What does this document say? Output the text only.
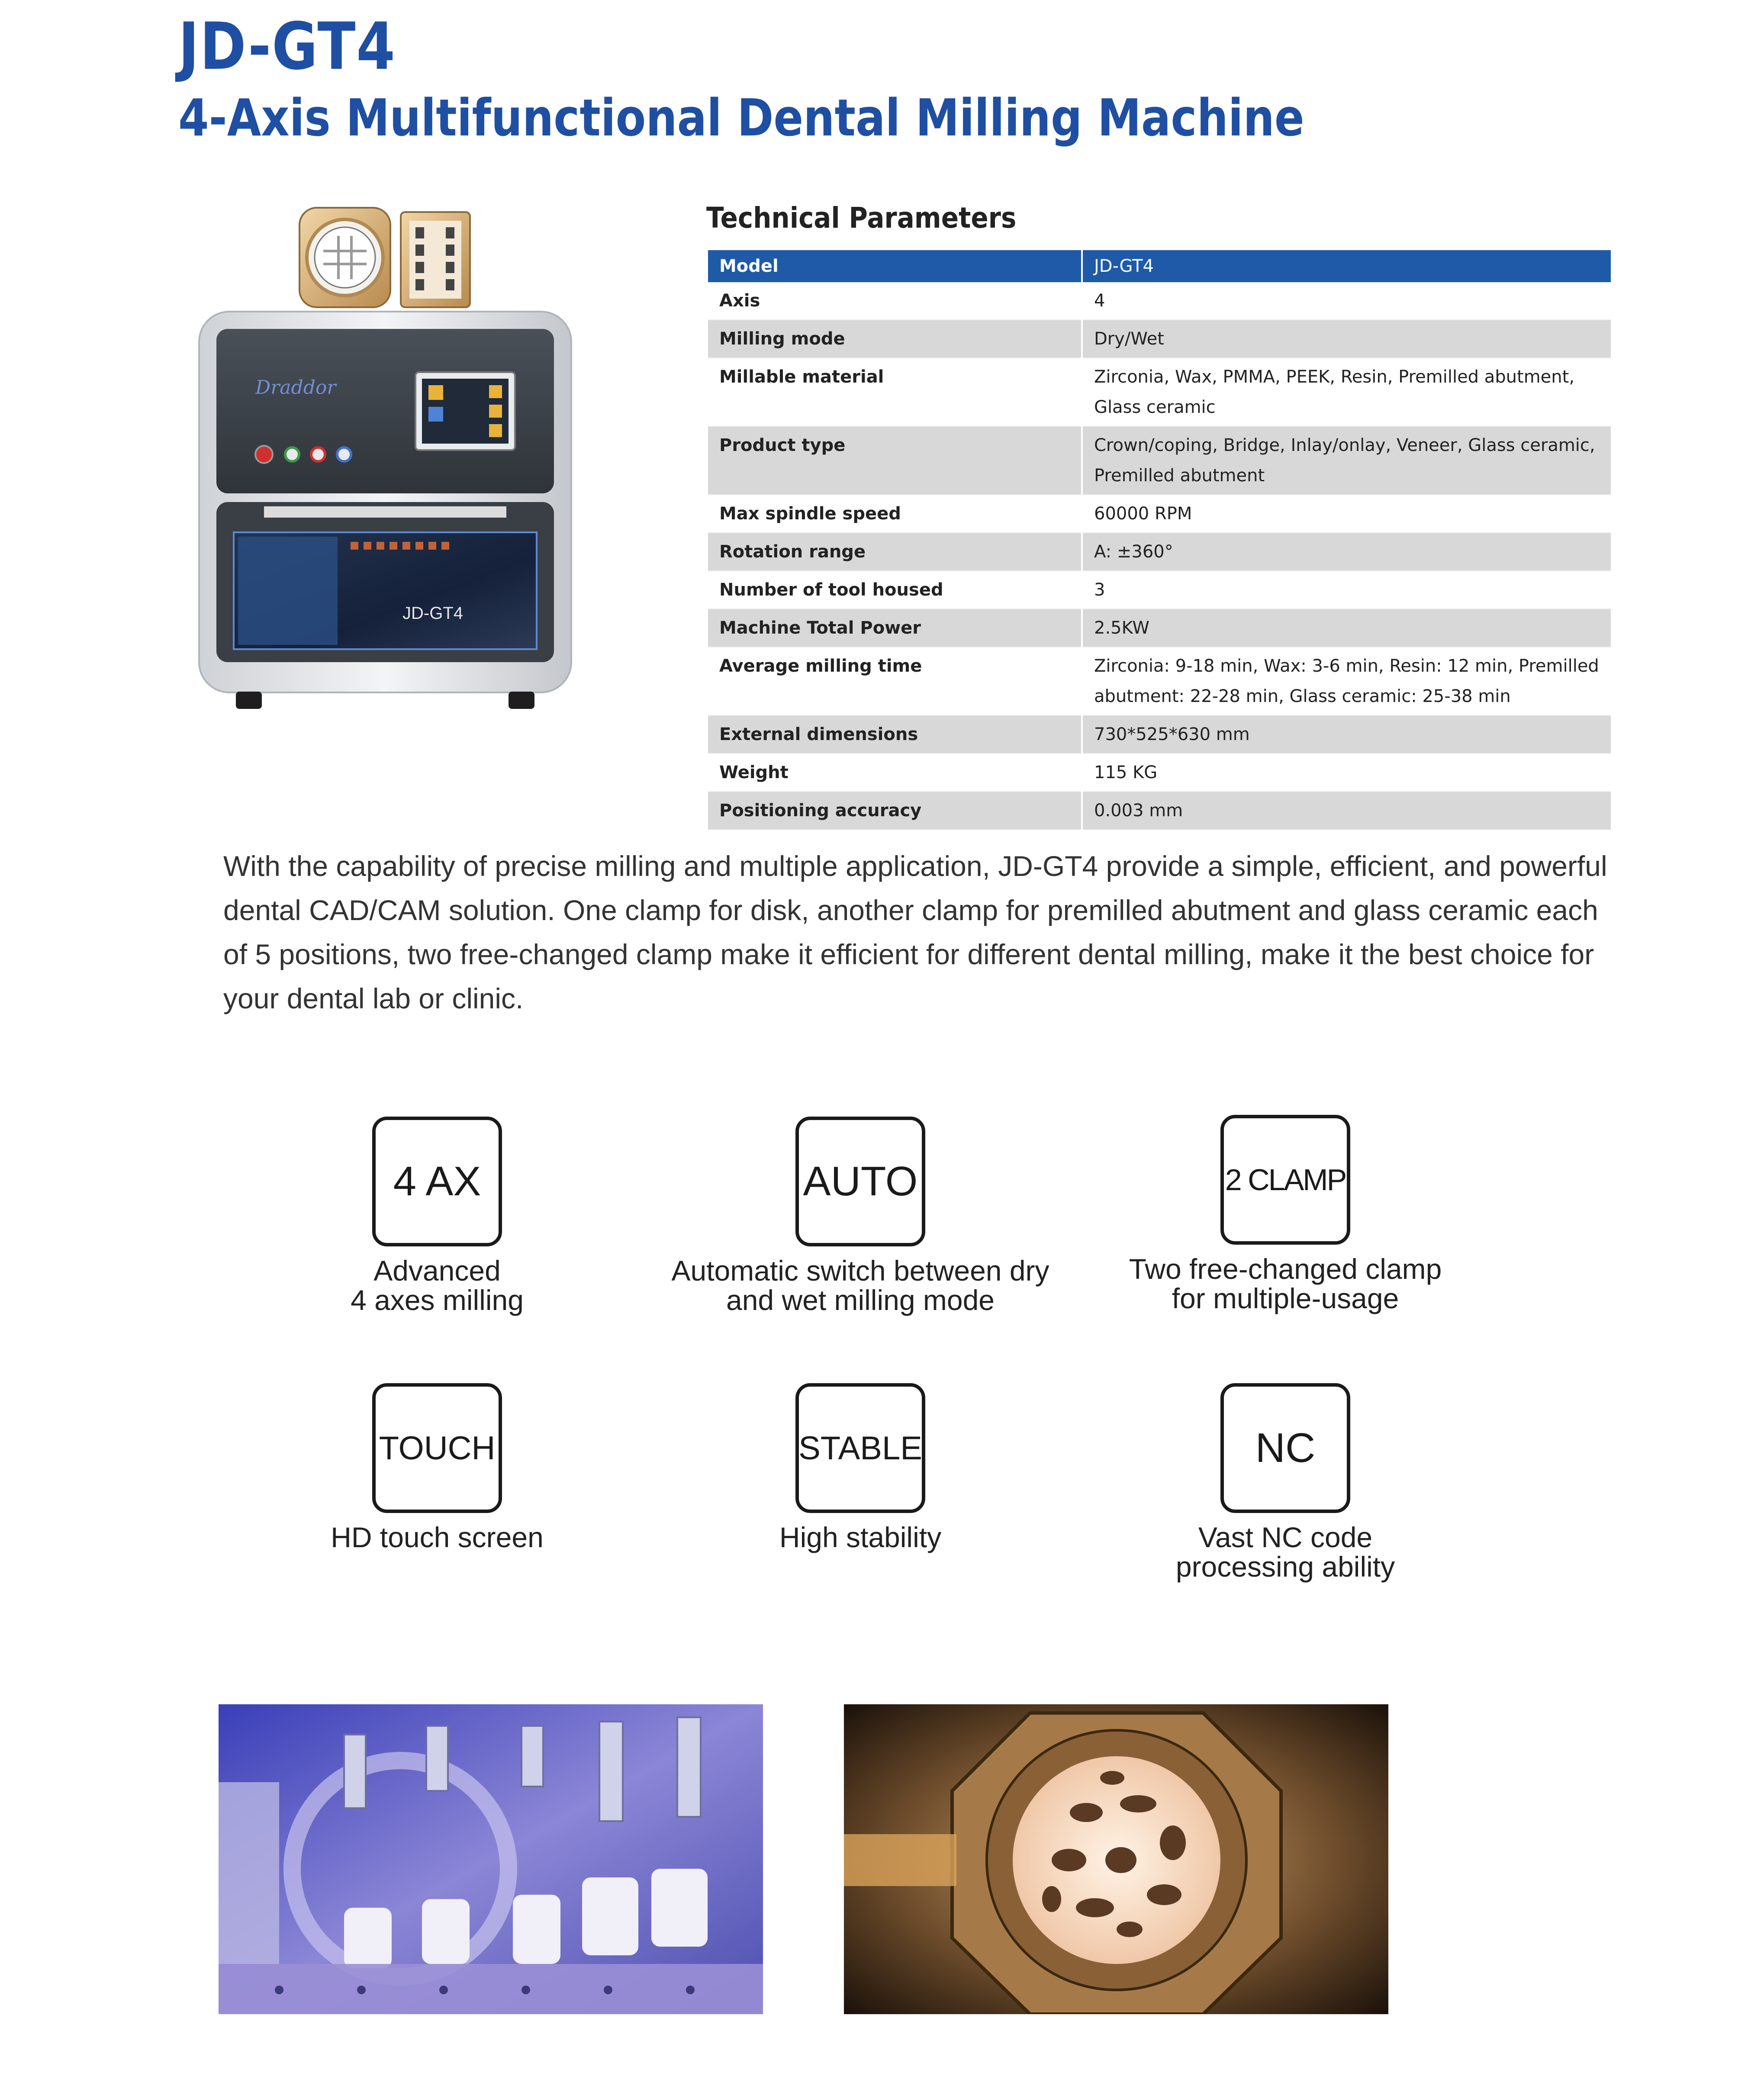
JD-GT4
4-Axis Multifunctional Dental Milling Machine
Draddor
JD-GT4
Technical Parameters
Model	JD-GT4
Axis	4
Milling mode	Dry/Wet
Millable material	Zirconia, Wax, PMMA, PEEK, Resin, Premilled abutment, Glass ceramic
Product type	Crown/coping, Bridge, Inlay/onlay, Veneer, Glass ceramic, Premilled abutment
Max spindle speed	60000 RPM
Rotation range	A: ±360°
Number of tool housed	3
Machine Total Power	2.5KW
Average milling time	Zirconia: 9-18 min, Wax: 3-6 min, Resin: 12 min, Premilled abutment: 22-28 min, Glass ceramic: 25-38 min
External dimensions	730*525*630 mm
Weight	115 KG
Positioning accuracy	0.003 mm

With the capability of precise milling and multiple application, JD-GT4 provide a simple, efficient, and powerful dental CAD/CAM solution. One clamp for disk, another clamp for premilled abutment and glass ceramic each of 5 positions, two free-changed clamp make it efficient for different dental milling, make it the best choice for your dental lab or clinic.

4 AX
Advanced
4 axes milling
AUTO
Automatic switch between dry
and wet milling mode
2 CLAMP
Two free-changed clamp
for multiple-usage
TOUCH
HD touch screen
STABLE
High stability
NC
Vast NC code
processing ability
